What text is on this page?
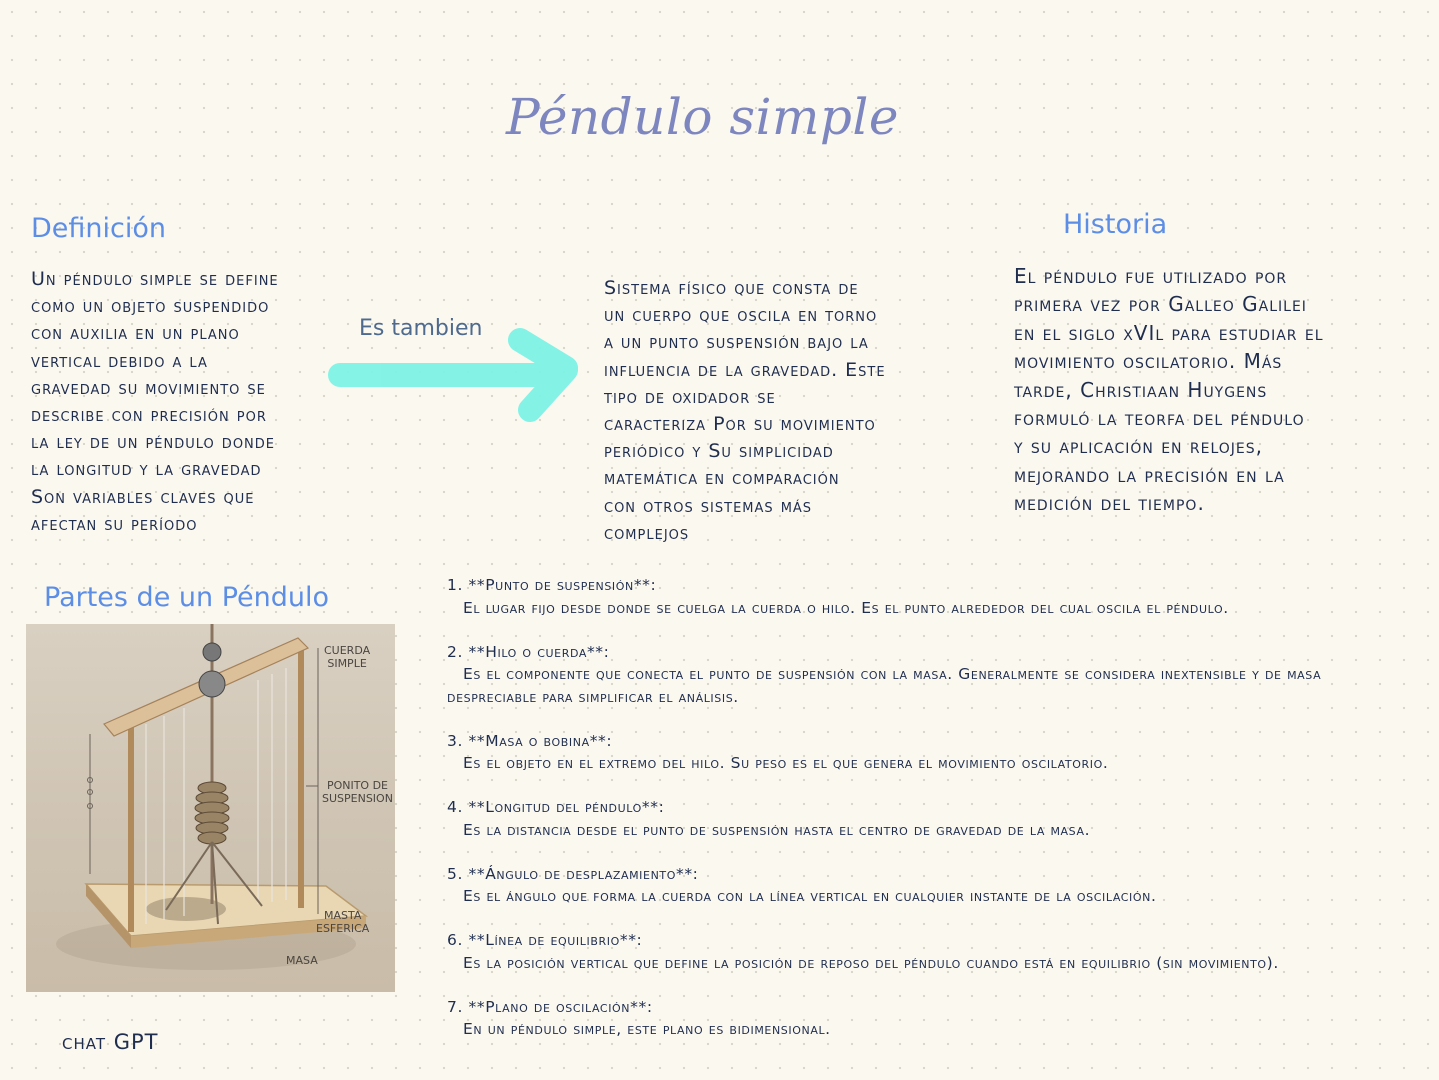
Péndulo simple
Definición

Un péndulo simple se define
como un objeto suspendido
con auxilia en un plano
vertical debido a la
gravedad su movimiento se
describe con precisión por
la ley de un péndulo donde
la longitud y la gravedad
Son variables claves que
afectan su período

Es tambien

Sistema físico que consta de
un cuerpo que oscila en torno
a un punto suspensión bajo la
influencia de la gravedad. Este
tipo de oxidador se
caracteriza Por su movimiento
periódico y Su simplicidad
matemática en comparación
con otros sistemas más
complejos

Historia

El péndulo fue utilizado por
primera vez por Galleo Galilei
en el siglo xVIl para estudiar el
movimiento oscilatorio. Más
tarde, Christiaan Huygens
formuló la teorfa del péndulo
y su aplicación en relojes,
mejorando la precisión en la
medición del tiempo.

Partes de un Péndulo
CUERDA
SIMPLE
PONITO DE
SUSPENSION
MASTA
ESFERICA
MASA
chat GPT
1. **Punto de suspensión**:
El lugar fijo desde donde se cuelga la cuerda o hilo. Es el punto alrededor del cual oscila el péndulo.
2. **Hilo o cuerda**:
Es el componente que conecta el punto de suspensión con la masa. Generalmente se considera inextensible y de masa despreciable para simplificar el análisis.
3. **Masa o bobina**:
Es el objeto en el extremo del hilo. Su peso es el que genera el movimiento oscilatorio.
4. **Longitud del péndulo**:
Es la distancia desde el punto de suspensión hasta el centro de gravedad de la masa.
5. **Ángulo de desplazamiento**:
Es el ángulo que forma la cuerda con la línea vertical en cualquier instante de la oscilación.
6. **Línea de equilibrio**:
Es la posición vertical que define la posición de reposo del péndulo cuando está en equilibrio (sin movimiento).
7. **Plano de oscilación**:
En un péndulo simple, este plano es bidimensional.
